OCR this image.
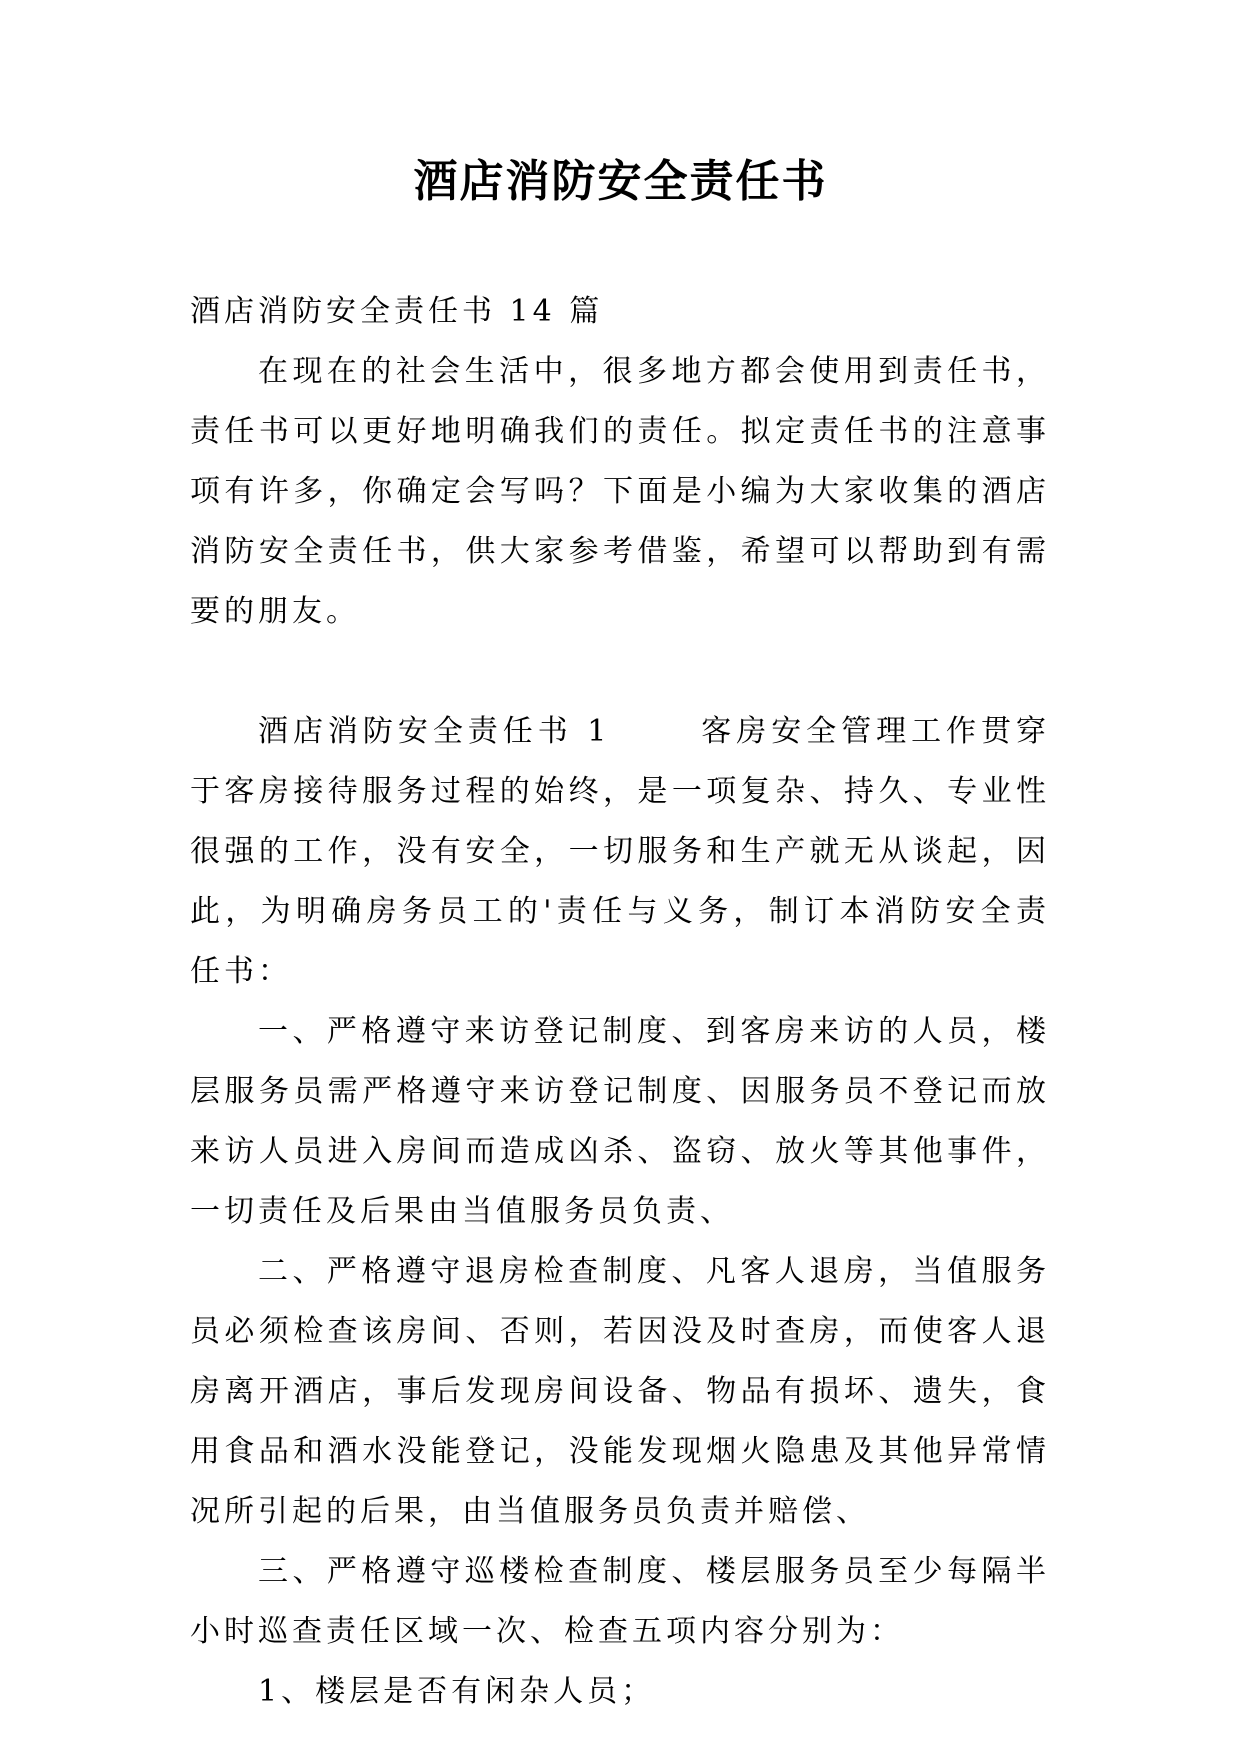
酒店消防安全责任书

酒店消防安全责任书 14 篇

在现在的社会生活中，很多地方都会使用到责任书，责任书可以更好地明确我们的责任。拟定责任书的注意事项有许多，你确定会写吗？下面是小编为大家收集的酒店消防安全责任书，供大家参考借鉴，希望可以帮助到有需要的朋友。

酒店消防安全责任书 1	客房安全管理工作贯穿于客房接待服务过程的始终，是一项复杂、持久、专业性很强的工作，没有安全，一切服务和生产就无从谈起，因此，为明确房务员工的'责任与义务，制订本消防安全责任书：

一、严格遵守来访登记制度、到客房来访的人员，楼层服务员需严格遵守来访登记制度、因服务员不登记而放来访人员进入房间而造成凶杀、盗窃、放火等其他事件，一切责任及后果由当值服务员负责、

二、严格遵守退房检查制度、凡客人退房，当值服务员必须检查该房间、否则，若因没及时查房，而使客人退房离开酒店，事后发现房间设备、物品有损坏、遗失，食用食品和酒水没能登记，没能发现烟火隐患及其他异常情况所引起的后果，由当值服务员负责并赔偿、

三、严格遵守巡楼检查制度、楼层服务员至少每隔半小时巡查责任区域一次、检查五项内容分别为：

1、楼层是否有闲杂人员；
